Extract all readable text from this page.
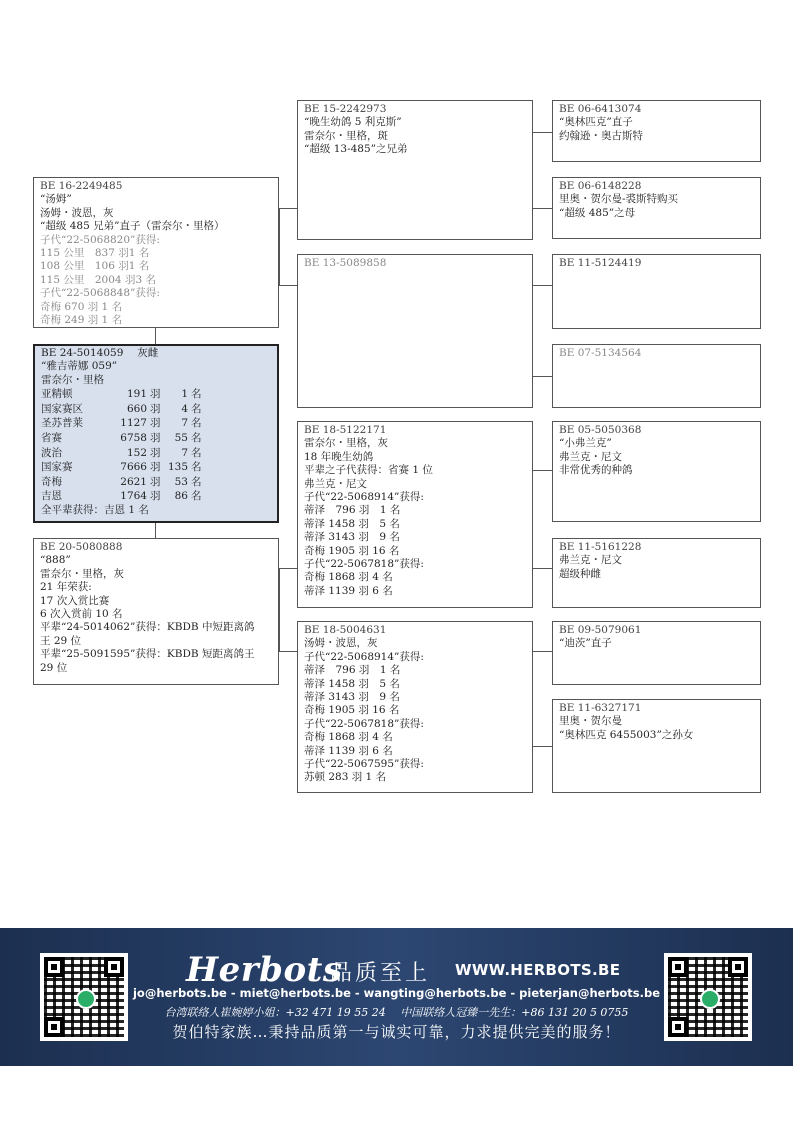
BE 16-2249485
“汤姆”
汤姆・波恩，灰
“超级 485 兄弟”直子（雷奈尔・里格）
子代“22-5068820”获得:
115 公里　837 羽1 名
108 公里　106 羽1 名
115 公里　2004 羽3 名
子代“22-5068848”获得:
奇梅 670 羽 1 名
奇梅 249 羽 1 名
BE 24-5014059　 灰雌
“雅吉蒂娜 059”
雷奈尔・里格
亚精顿	191	羽	1	名
国家赛区	660	羽	4	名
圣苏普莱	1127	羽	7	名
省赛	6758	羽	55	名
波治	152	羽	7	名
国家赛	7666	羽	135	名
奇梅	2621	羽	53	名
吉恩	1764	羽	86	名
全平辈获得：吉恩 1 名
BE 20-5080888
“888”
雷奈尔・里格，灰
21 年荣获:
17 次入赏比赛
6 次入赏前 10 名
平辈“24-5014062”获得：KBDB 中短距离鸽
王 29 位
平辈“25-5091595”获得：KBDB 短距离鸽王
29 位
BE 15-2242973
“晚生幼鸽 5 利克斯”
雷奈尔・里格，斑
“超级 13-485”之兄弟
BE 13-5089858
BE 18-5122171
雷奈尔・里格，灰
18 年晚生幼鸽
平辈之子代获得：省赛 1 位
弗兰克・尼文
子代“22-5068914”获得:
蒂泽　796 羽　1 名
蒂泽 1458 羽　5 名
蒂泽 3143 羽　9 名
奇梅 1905 羽 16 名
子代“22-5067818”获得:
奇梅 1868 羽 4 名
蒂泽 1139 羽 6 名
BE 18-5004631
汤姆・波恩，灰
子代“22-5068914”获得:
蒂泽　796 羽　1 名
蒂泽 1458 羽　5 名
蒂泽 3143 羽　9 名
奇梅 1905 羽 16 名
子代“22-5067818”获得:
奇梅 1868 羽 4 名
蒂泽 1139 羽 6 名
子代“22-5067595”获得:
苏顿 283 羽 1 名
BE 06-6413074
“奥林匹克”直子
约翰逊・奥古斯特
BE 06-6148228
里奥・贺尔曼-裘斯特购买
“超级 485”之母
BE 11-5124419
BE 07-5134564
BE 05-5050368
“小弗兰克”
弗兰克・尼文
非常优秀的种鸽
BE 11-5161228
弗兰克・尼文
超级种雌
BE 09-5079061
“迪茨”直子
BE 11-6327171
里奥・贺尔曼
“奥林匹克 6455003”之孙女
Herbots
品质至上 WWW.HERBOTS.BE
jo@herbots.be - miet@herbots.be - wangting@herbots.be - pieterjan@herbots.be
台湾联络人崔婉婷小姐：+32 471 19 55 24　 中国联络人冠臻一先生：+86 131 20 5 0755
贺伯特家族…秉持品质第一与诚实可靠，力求提供完美的服务！
